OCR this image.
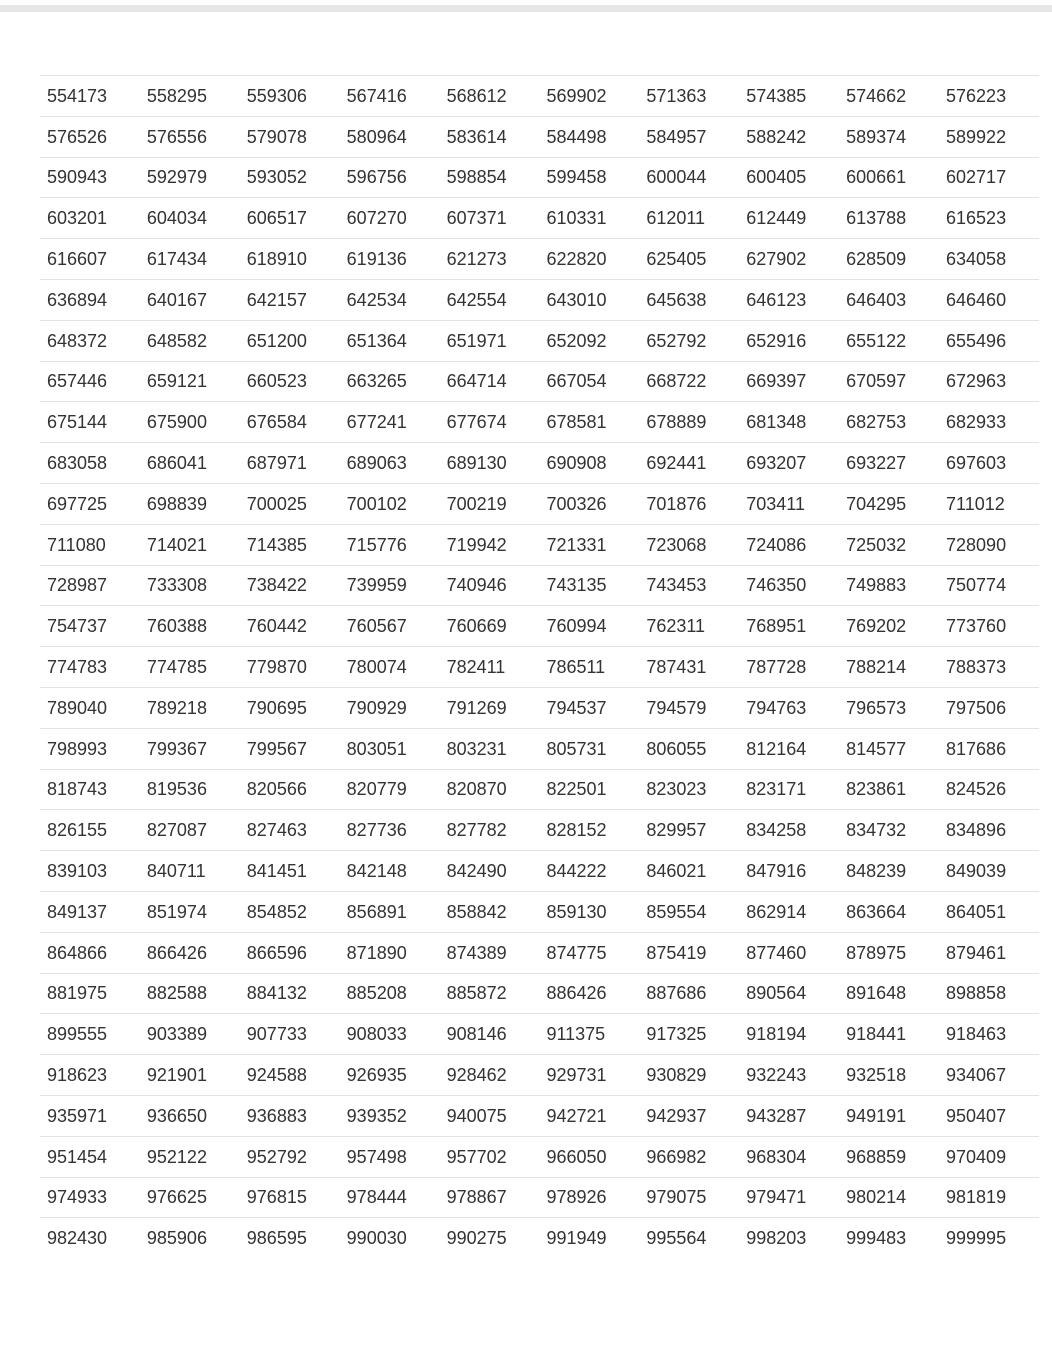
554173	558295	559306	567416	568612	569902	571363	574385	574662	576223
576526	576556	579078	580964	583614	584498	584957	588242	589374	589922
590943	592979	593052	596756	598854	599458	600044	600405	600661	602717
603201	604034	606517	607270	607371	610331	612011	612449	613788	616523
616607	617434	618910	619136	621273	622820	625405	627902	628509	634058
636894	640167	642157	642534	642554	643010	645638	646123	646403	646460
648372	648582	651200	651364	651971	652092	652792	652916	655122	655496
657446	659121	660523	663265	664714	667054	668722	669397	670597	672963
675144	675900	676584	677241	677674	678581	678889	681348	682753	682933
683058	686041	687971	689063	689130	690908	692441	693207	693227	697603
697725	698839	700025	700102	700219	700326	701876	703411	704295	711012
711080	714021	714385	715776	719942	721331	723068	724086	725032	728090
728987	733308	738422	739959	740946	743135	743453	746350	749883	750774
754737	760388	760442	760567	760669	760994	762311	768951	769202	773760
774783	774785	779870	780074	782411	786511	787431	787728	788214	788373
789040	789218	790695	790929	791269	794537	794579	794763	796573	797506
798993	799367	799567	803051	803231	805731	806055	812164	814577	817686
818743	819536	820566	820779	820870	822501	823023	823171	823861	824526
826155	827087	827463	827736	827782	828152	829957	834258	834732	834896
839103	840711	841451	842148	842490	844222	846021	847916	848239	849039
849137	851974	854852	856891	858842	859130	859554	862914	863664	864051
864866	866426	866596	871890	874389	874775	875419	877460	878975	879461
881975	882588	884132	885208	885872	886426	887686	890564	891648	898858
899555	903389	907733	908033	908146	911375	917325	918194	918441	918463
918623	921901	924588	926935	928462	929731	930829	932243	932518	934067
935971	936650	936883	939352	940075	942721	942937	943287	949191	950407
951454	952122	952792	957498	957702	966050	966982	968304	968859	970409
974933	976625	976815	978444	978867	978926	979075	979471	980214	981819
982430	985906	986595	990030	990275	991949	995564	998203	999483	999995
